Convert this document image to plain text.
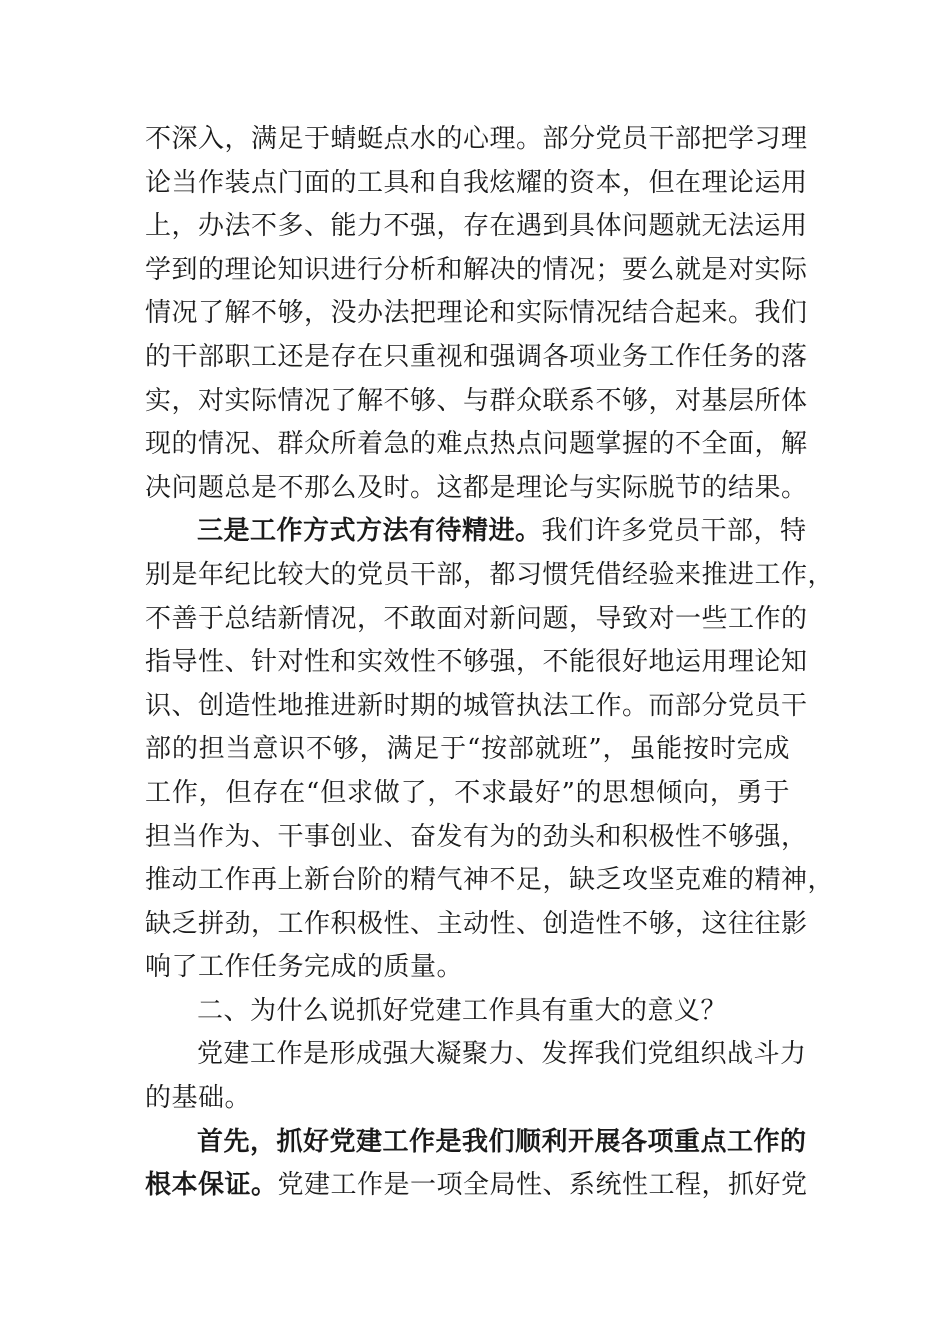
不深入，满足于蜻蜓点水的心理。部分党员干部把学习理
论当作装点门面的工具和自我炫耀的资本，但在理论运用
上，办法不多、能力不强，存在遇到具体问题就无法运用
学到的理论知识进行分析和解决的情况；要么就是对实际
情况了解不够，没办法把理论和实际情况结合起来。我们
的干部职工还是存在只重视和强调各项业务工作任务的落
实，对实际情况了解不够、与群众联系不够，对基层所体
现的情况、群众所着急的难点热点问题掌握的不全面，解
决问题总是不那么及时。这都是理论与实际脱节的结果。
三是工作方式方法有待精进。我们许多党员干部，特
别是年纪比较大的党员干部，都习惯凭借经验来推进工作，
不善于总结新情况，不敢面对新问题，导致对一些工作的
指导性、针对性和实效性不够强，不能很好地运用理论知
识、创造性地推进新时期的城管执法工作。而部分党员干
部的担当意识不够，满足于“按部就班”，虽能按时完成
工作，但存在“但求做了，不求最好”的思想倾向，勇于
担当作为、干事创业、奋发有为的劲头和积极性不够强，
推动工作再上新台阶的精气神不足，缺乏攻坚克难的精神，
缺乏拼劲，工作积极性、主动性、创造性不够，这往往影
响了工作任务完成的质量。
二、为什么说抓好党建工作具有重大的意义？
党建工作是形成强大凝聚力、发挥我们党组织战斗力
的基础。
首先，抓好党建工作是我们顺利开展各项重点工作的
根本保证。党建工作是一项全局性、系统性工程，抓好党
